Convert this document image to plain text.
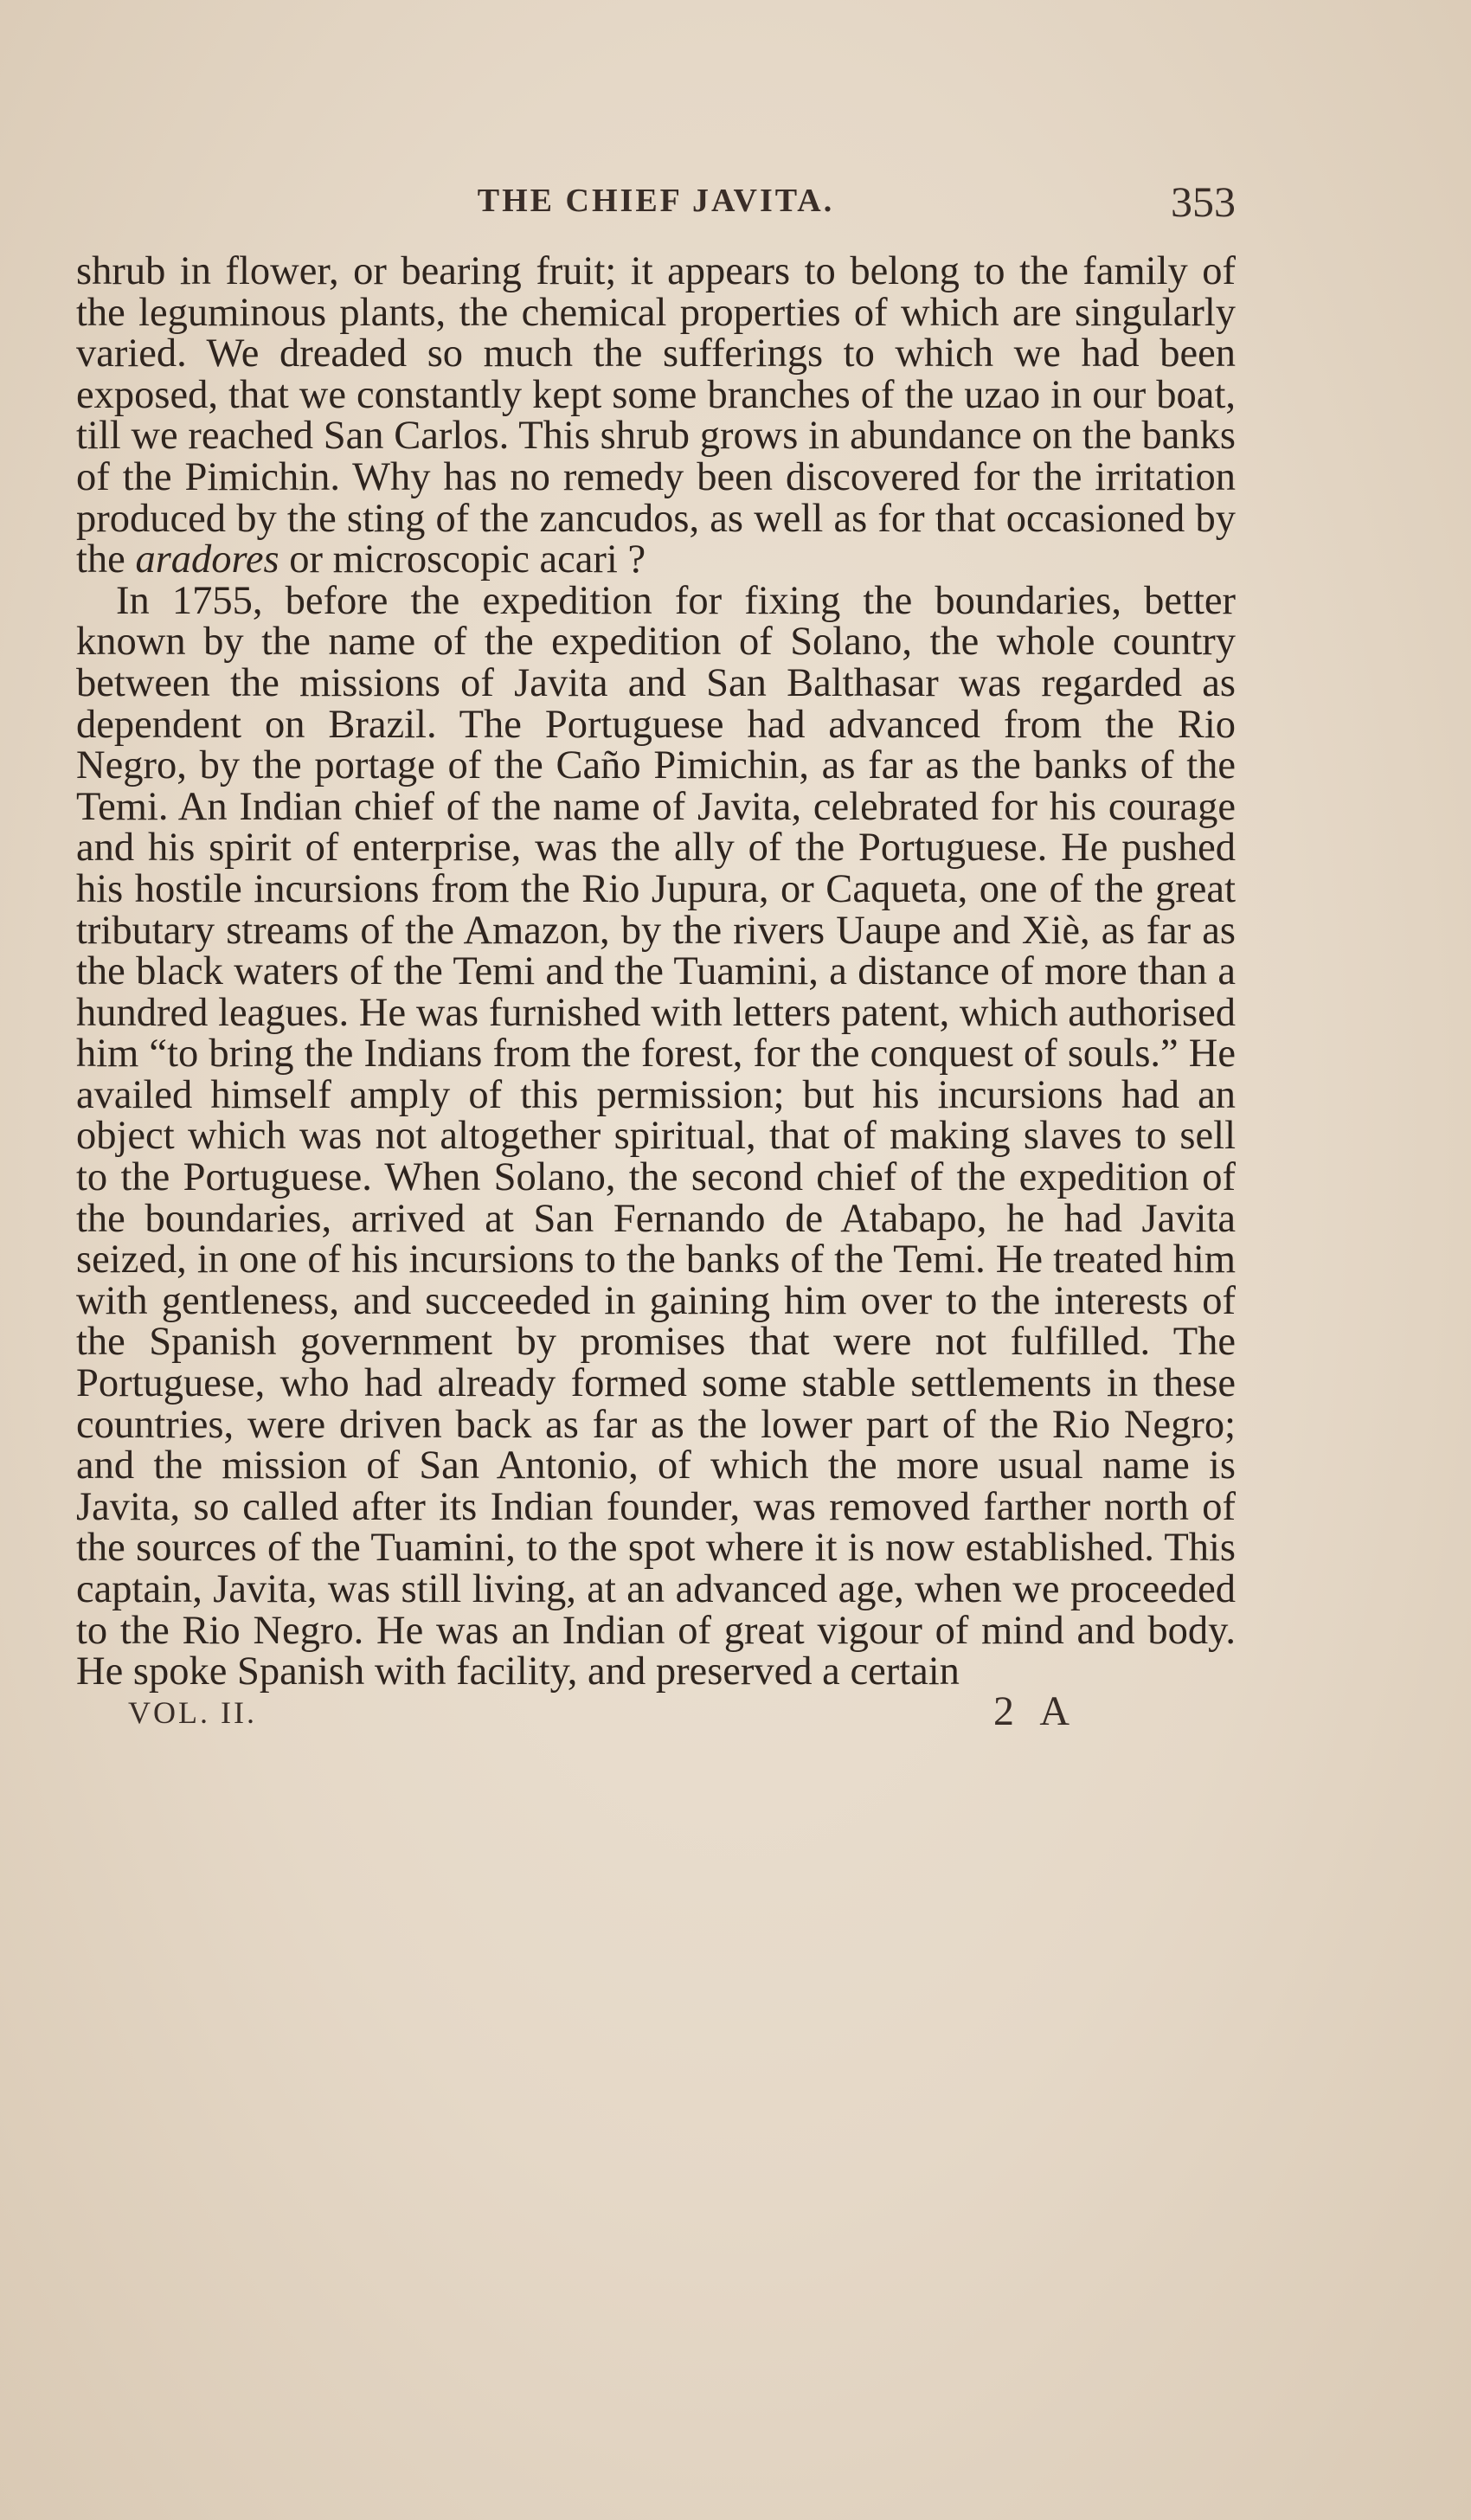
THE CHIEF JAVITA.	353

shrub in flower, or bearing fruit; it appears to belong to the family of the leguminous plants, the chemical properties of which are singularly varied. We dreaded so much the sufferings to which we had been exposed, that we constantly kept some branches of the uzao in our boat, till we reached San Carlos. This shrub grows in abundance on the banks of the Pimichin. Why has no remedy been discovered for the irritation produced by the sting of the zancudos, as well as for that occasioned by the aradores or microscopic acari ?

In 1755, before the expedition for fixing the boundaries, better known by the name of the expedition of Solano, the whole country between the missions of Javita and San Balthasar was regarded as dependent on Brazil. The Portuguese had advanced from the Rio Negro, by the portage of the Caño Pimichin, as far as the banks of the Temi. An Indian chief of the name of Javita, celebrated for his courage and his spirit of enterprise, was the ally of the Portuguese. He pushed his hostile incursions from the Rio Jupura, or Caqueta, one of the great tributary streams of the Amazon, by the rivers Uaupe and Xiè, as far as the black waters of the Temi and the Tuamini, a distance of more than a hundred leagues. He was furnished with letters patent, which authorised him “to bring the Indians from the forest, for the conquest of souls.” He availed himself amply of this permission; but his incursions had an object which was not altogether spiritual, that of making slaves to sell to the Portuguese. When Solano, the second chief of the expedition of the boundaries, arrived at San Fernando de Atabapo, he had Javita seized, in one of his incursions to the banks of the Temi. He treated him with gentleness, and succeeded in gaining him over to the interests of the Spanish government by promises that were not fulfilled. The Portuguese, who had already formed some stable settlements in these countries, were driven back as far as the lower part of the Rio Negro; and the mission of San Antonio, of which the more usual name is Javita, so called after its Indian founder, was removed farther north of the sources of the Tuamini, to the spot where it is now established. This captain, Javita, was still living, at an advanced age, when we proceeded to the Rio Negro. He was an Indian of great vigour of mind and body. He spoke Spanish with facility, and preserved a certain

VOL. II.	2 A
